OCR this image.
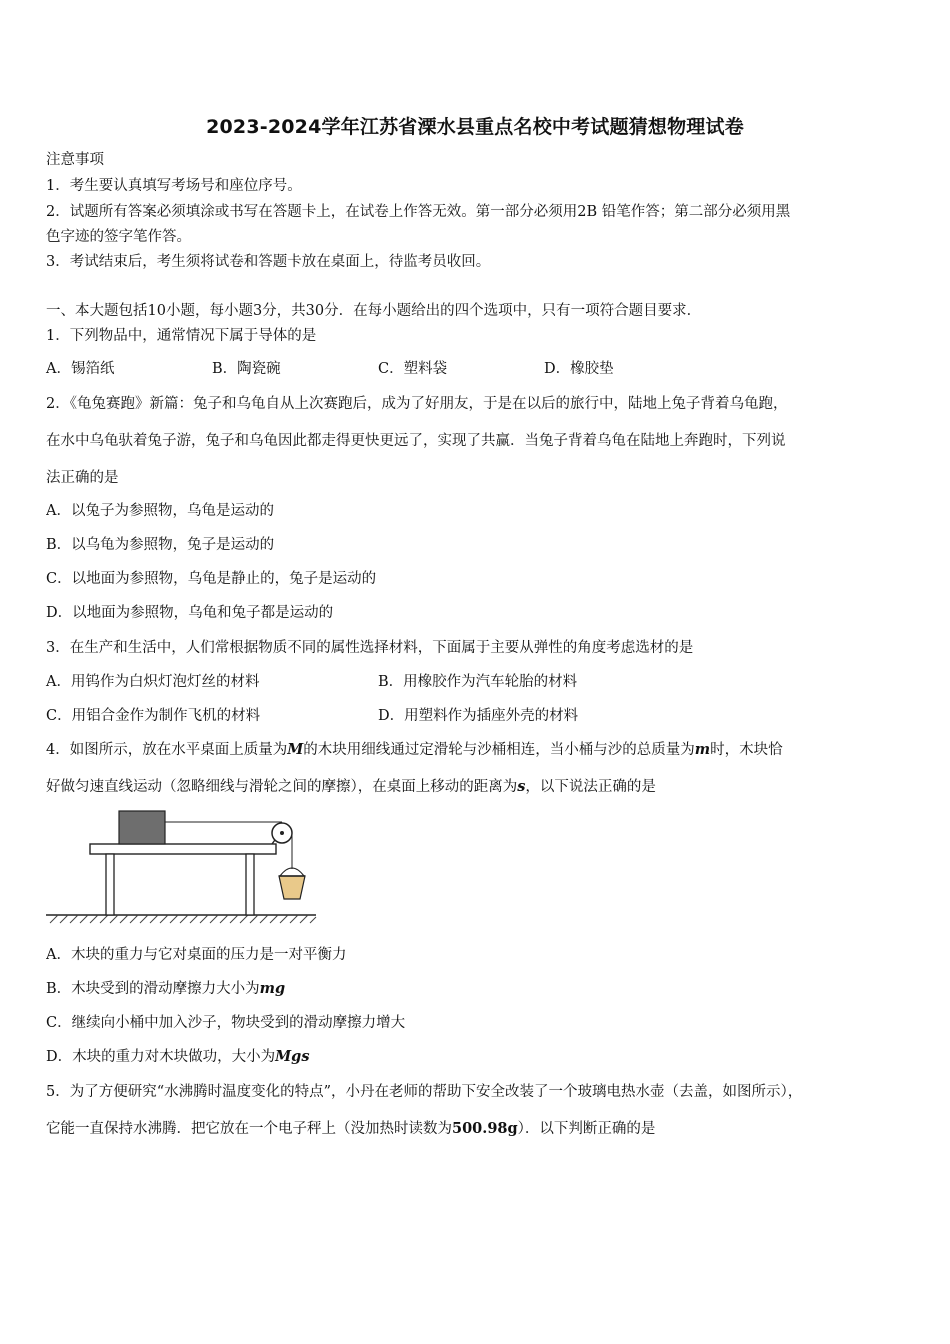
2023-2024学年江苏省溧水县重点名校中考试题猜想物理试卷
注意事项
1．考生要认真填写考场号和座位序号。
2．试题所有答案必须填涂或书写在答题卡上，在试卷上作答无效。第一部分必须用2B 铅笔作答；第二部分必须用黑
色字迹的签字笔作答。
3．考试结束后，考生须将试卷和答题卡放在桌面上，待监考员收回。
一、本大题包括10小题，每小题3分，共30分．在每小题给出的四个选项中，只有一项符合题目要求．
1．下列物品中，通常情况下属于导体的是
A．锡箔纸	B．陶瓷碗	C．塑料袋	D．橡胶垫
2．《龟兔赛跑》新篇：兔子和乌龟自从上次赛跑后，成为了好朋友，于是在以后的旅行中，陆地上兔子背着乌龟跑，
在水中乌龟驮着兔子游，兔子和乌龟因此都走得更快更远了，实现了共赢．当兔子背着乌龟在陆地上奔跑时，下列说
法正确的是
A．以兔子为参照物，乌龟是运动的
B．以乌龟为参照物，兔子是运动的
C．以地面为参照物，乌龟是静止的，兔子是运动的
D．以地面为参照物，乌龟和兔子都是运动的
3．在生产和生活中，人们常根据物质不同的属性选择材料，下面属于主要从弹性的角度考虑选材的是
A．用钨作为白炽灯泡灯丝的材料	B．用橡胶作为汽车轮胎的材料
C．用铝合金作为制作飞机的材料	D．用塑料作为插座外壳的材料
4．如图所示，放在水平桌面上质量为M的木块用细线通过定滑轮与沙桶相连，当小桶与沙的总质量为m时，木块恰
好做匀速直线运动（忽略细线与滑轮之间的摩擦），在桌面上移动的距离为s，以下说法正确的是
A．木块的重力与它对桌面的压力是一对平衡力
B．木块受到的滑动摩擦力大小为mg
C．继续向小桶中加入沙子，物块受到的滑动摩擦力增大
D．木块的重力对木块做功，大小为Mgs
5．为了方便研究“水沸腾时温度变化的特点”，小丹在老师的帮助下安全改装了一个玻璃电热水壶（去盖，如图所示），
它能一直保持水沸腾．把它放在一个电子秤上（没加热时读数为500.98g）．以下判断正确的是
